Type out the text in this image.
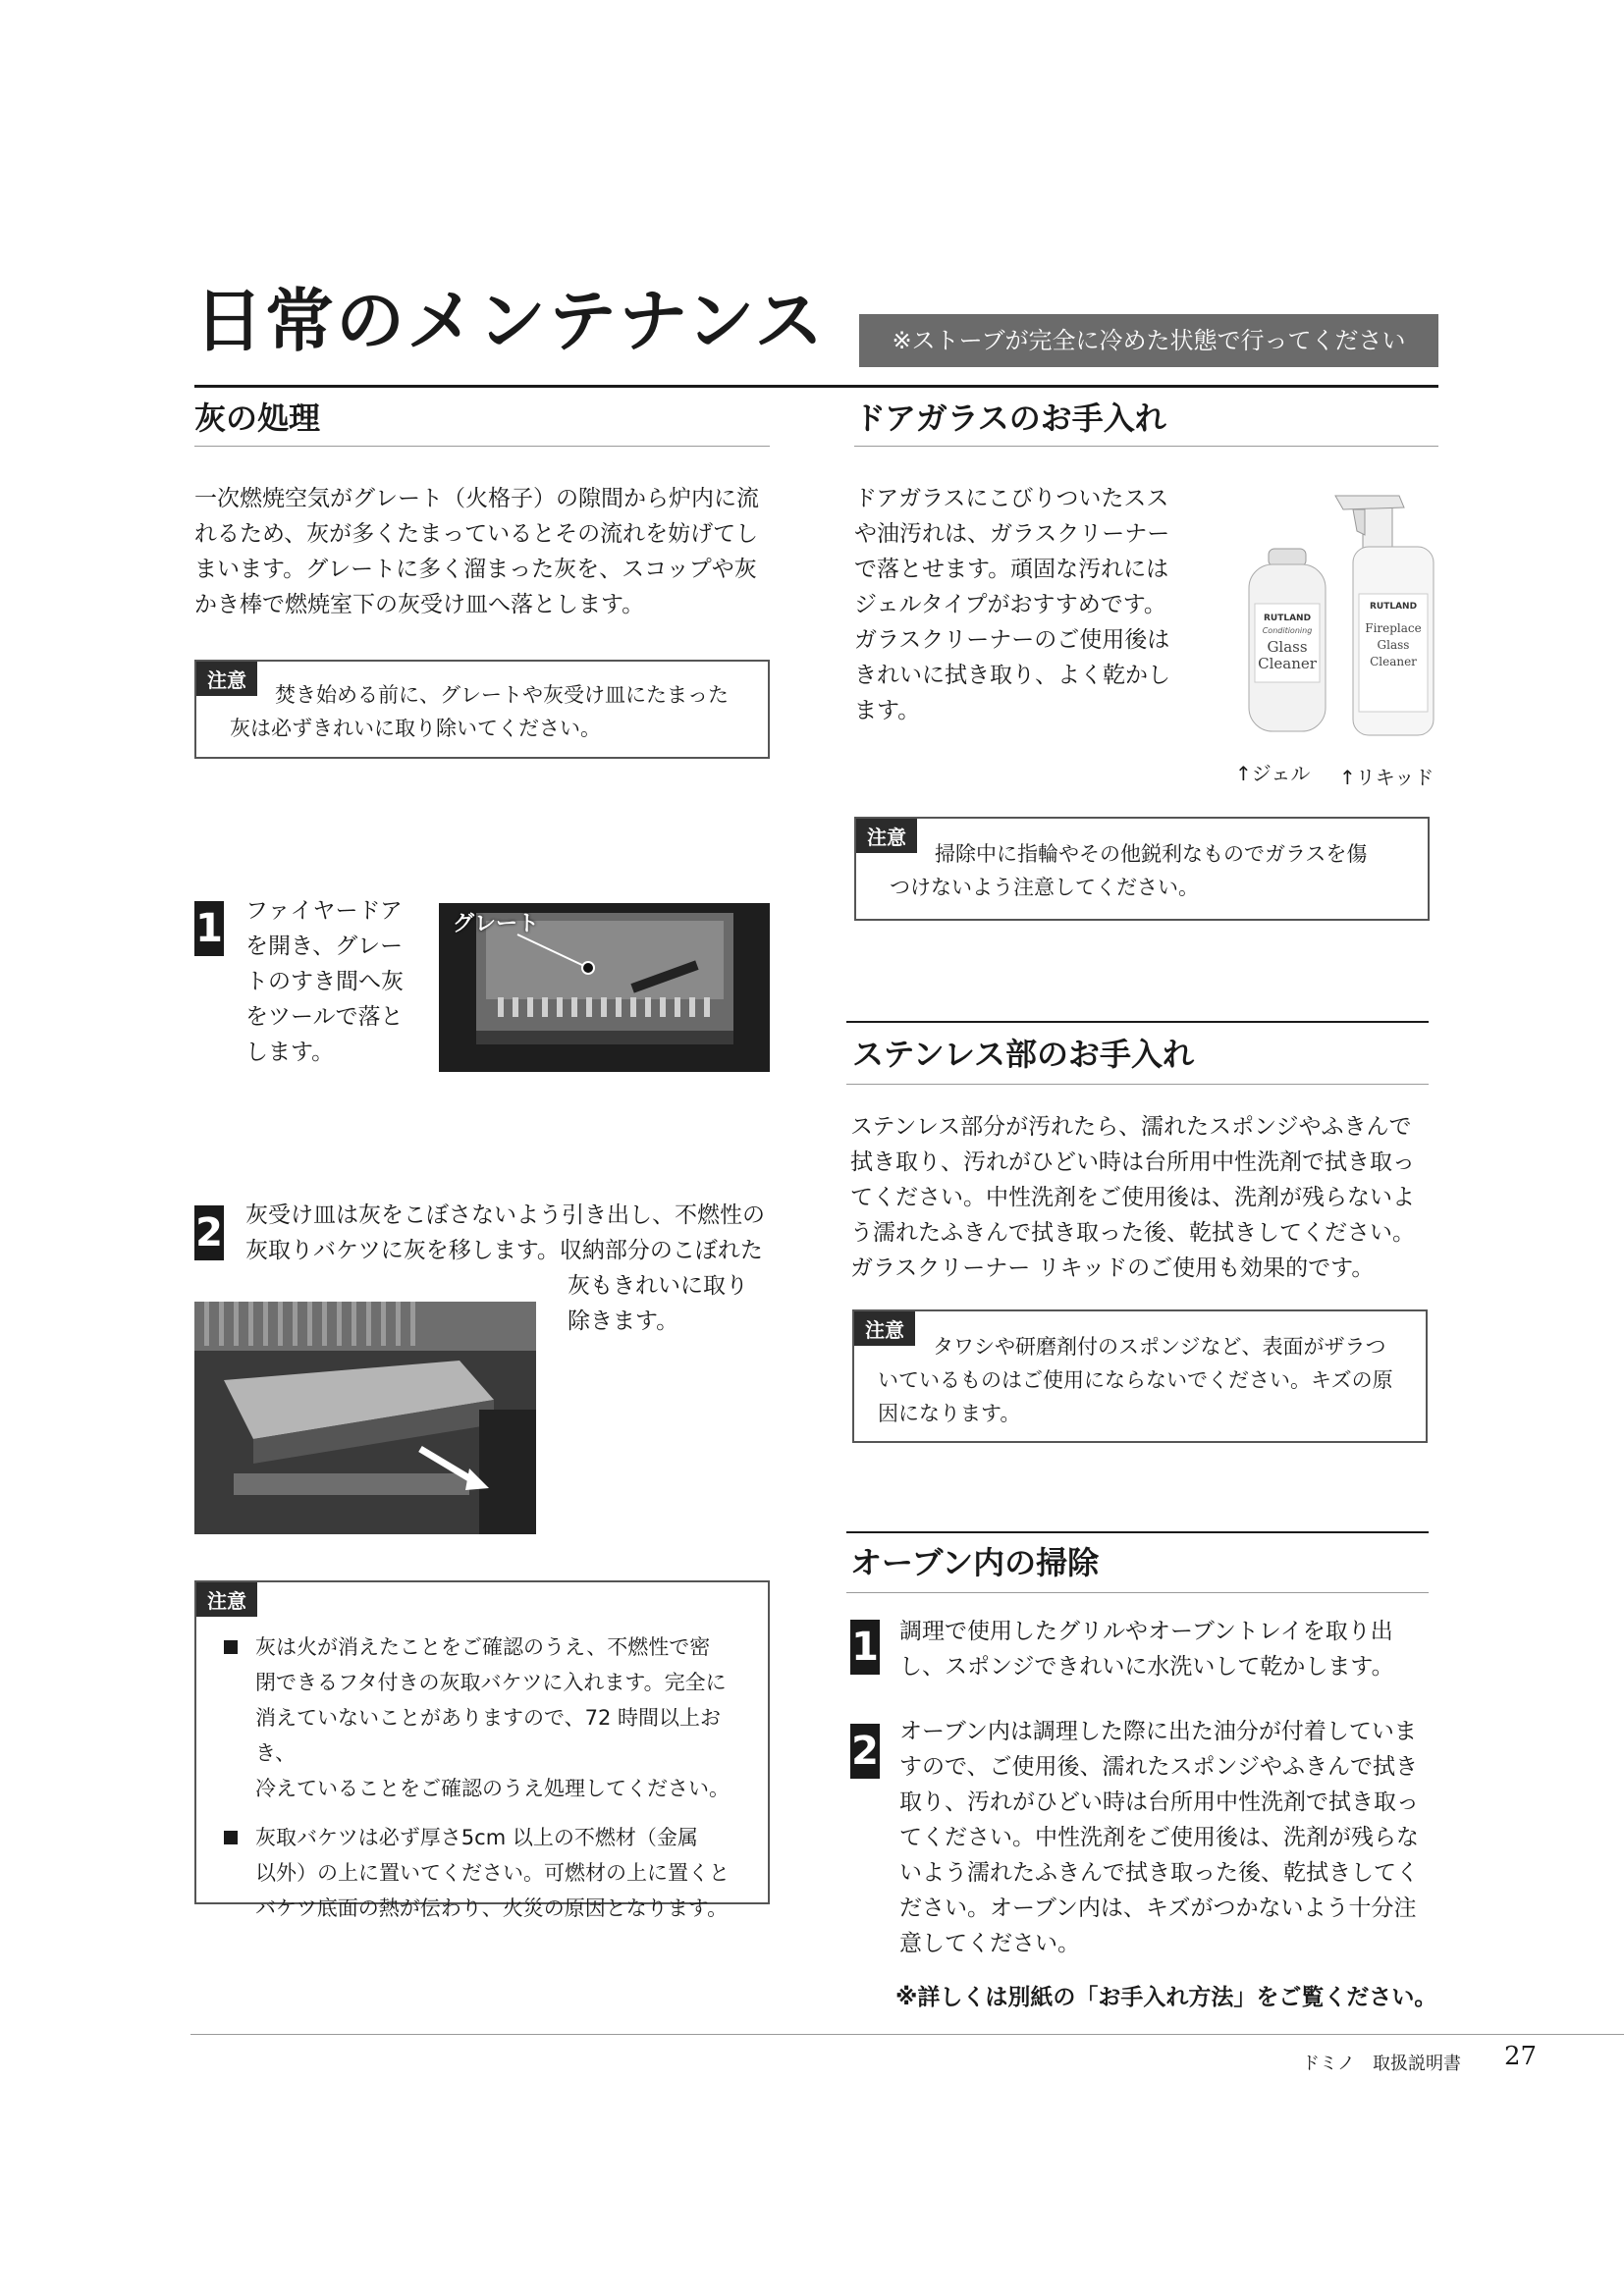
日常のメンテナンス	※ストーブが完全に冷めた状態で行ってください
灰の処理
一次燃焼空気がグレート（火格子）の隙間から炉内に流
れるため、灰が多くたまっているとその流れを妨げてし
まいます。グレートに多く溜まった灰を、スコップや灰
かき棒で燃焼室下の灰受け皿へ落とします。
注意
焚き始める前に、グレートや灰受け皿にたまった
灰は必ずきれいに取り除いてください。
1 ファイヤードア
を開き、グレー
トのすき間へ灰
をツールで落と
します。
グレート
2 灰受け皿は灰をこぼさないよう引き出し、不燃性の
灰取りバケツに灰を移します。収納部分のこぼれた
灰もきれいに取り
除きます。
注意
灰は火が消えたことをご確認のうえ、不燃性で密
閉できるフタ付きの灰取バケツに入れます。完全に
消えていないことがありますので、72 時間以上おき、
冷えていることをご確認のうえ処理してください。
灰取バケツは必ず厚さ5cm 以上の不燃材（金属
以外）の上に置いてください。可燃材の上に置くと
バケツ底面の熱が伝わり、火災の原因となります。
ドアガラスのお手入れ
ドアガラスにこびりついたスス
や油汚れは、ガラスクリーナー
で落とせます。頑固な汚れには
ジェルタイプがおすすめです。
ガラスクリーナーのご使用後は
きれいに拭き取り、よく乾かし
ます。
RUTLAND
Conditioning
Glass
Cleaner
RUTLAND
Fireplace
Glass
Cleaner
↑ジェル ↑リキッド
注意
掃除中に指輪やその他鋭利なものでガラスを傷
つけないよう注意してください。
ステンレス部のお手入れ
ステンレス部分が汚れたら、濡れたスポンジやふきんで
拭き取り、汚れがひどい時は台所用中性洗剤で拭き取っ
てください。中性洗剤をご使用後は、洗剤が残らないよ
う濡れたふきんで拭き取った後、乾拭きしてください。
ガラスクリーナー リキッドのご使用も効果的です。
注意
タワシや研磨剤付のスポンジなど、表面がザラつ
いているものはご使用にならないでください。キズの原
因になります。
オーブン内の掃除
1 調理で使用したグリルやオーブントレイを取り出
し、スポンジできれいに水洗いして乾かします。
2 オーブン内は調理した際に出た油分が付着していま
すので、ご使用後、濡れたスポンジやふきんで拭き
取り、汚れがひどい時は台所用中性洗剤で拭き取っ
てください。中性洗剤をご使用後は、洗剤が残らな
いよう濡れたふきんで拭き取った後、乾拭きしてく
ださい。オーブン内は、キズがつかないよう十分注
意してください。
※詳しくは別紙の「お手入れ方法」をご覧ください。
ドミノ　取扱説明書 27
